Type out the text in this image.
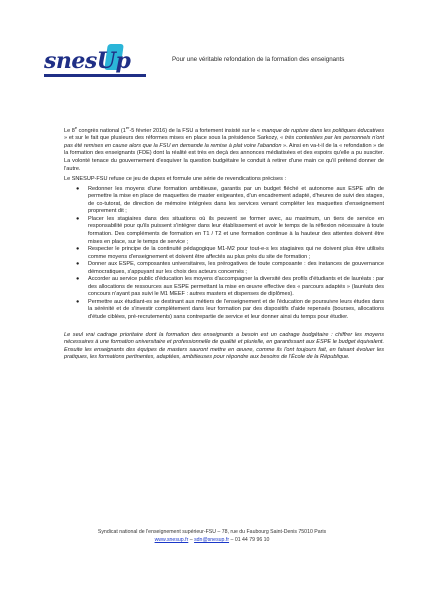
snesUp	Pour une véritable refondation de la formation des enseignants

Le 8e congrès national (1er-5 février 2016) de la FSU a fortement insisté sur le « manque de rupture dans les politiques éducatives » et sur le fait que plusieurs des réformes mises en place sous la présidence Sarkozy, « très contestées par les personnels n'ont pas été remises en cause alors que la FSU en demande la remise à plat voire l'abandon ». Ainsi en va-t-il de la « refondation » de la formation des enseignants (FDE) dont la réalité est très en deçà des annonces médiatisées et des espoirs qu'elle a pu susciter. La volonté tenace du gouvernement d'esquiver la question budgétaire le conduit à retirer d'une main ce qu'il prétend donner de l'autre.

Le SNESUP-FSU refuse ce jeu de dupes et formule une série de revendications précises :

● Redonner les moyens d'une formation ambitieuse, garantis par un budget fléché et autonome aux ESPE afin de permettre la mise en place de maquettes de master exigeantes, d'un encadrement adapté, d'heures de suivi des stages, de co-tutorat, de direction de mémoire intégrées dans les services venant compléter les maquettes d'enseignement proprement dit ;
● Placer les stagiaires dans des situations où ils peuvent se former avec, au maximum, un tiers de service en responsabilité pour qu'ils puissent s'intégrer dans leur établissement et avoir le temps de la réflexion nécessaire à toute formation. Des compléments de formation en T1 / T2 et une formation continue à la hauteur des attentes doivent être mises en place, sur le temps de service ;
● Respecter le principe de la continuité pédagogique M1-M2 pour tout-e-s les stagiaires qui ne doivent plus être utilisés comme moyens d'enseignement et doivent être affectés au plus près du site de formation ;
● Donner aux ESPE, composantes universitaires, les prérogatives de toute composante : des instances de gouvernance démocratiques, s'appuyant sur les choix des acteurs concernés ;
● Accorder au service public d'éducation les moyens d'accompagner la diversité des profils d'étudiants et de lauréats : par des allocations de ressources aux ESPE permettant la mise en œuvre effective des « parcours adaptés » (lauréats des concours n'ayant pas suivi le M1 MEEF : autres masters et dispenses de diplômes).
● Permettre aux étudiant-es se destinant aux métiers de l'enseignement et de l'éducation de poursuivre leurs études dans la sérénité et de s'investir complètement dans leur formation par des dispositifs d'aide repensés (bourses, allocations d'étude ciblées, pré-recrutements) sans contrepartie de service et leur donner ainsi du temps pour étudier.

Le seul vrai cadrage prioritaire dont la formation des enseignants a besoin est un cadrage budgétaire : chiffrer les moyens nécessaires à une formation universitaire et professionnelle de qualité et plurielle, en garantissant aux ESPE le budget équivalent. Ensuite les enseignants des équipes de masters sauront mettre en œuvre, comme ils l'ont toujours fait, en faisant évoluer les pratiques, les formations pertinentes, adaptées, ambitieuses pour répondre aux besoins de l'École de la République.

Syndicat national de l'enseignement supérieur-FSU – 78, rue du Faubourg Saint-Denis 75010 Paris
www.snesup.fr – sdn@snesup.fr – 01 44 79 96 10
